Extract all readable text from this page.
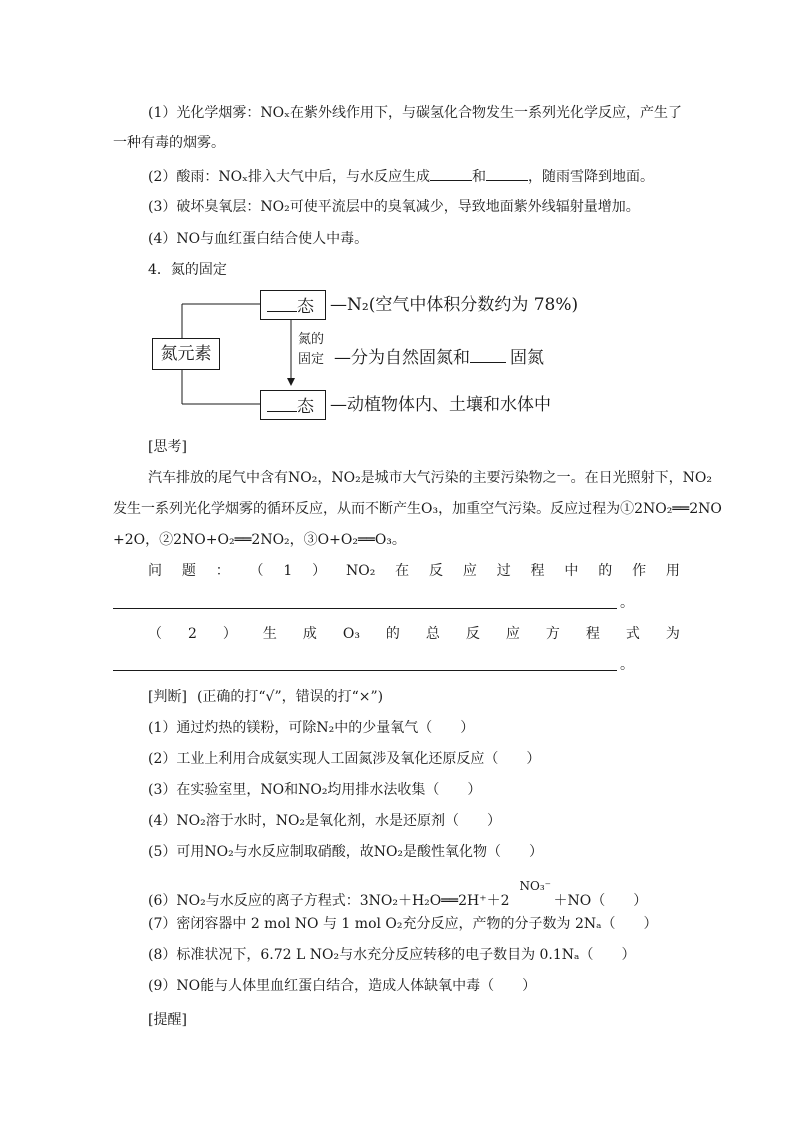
(1）光化学烟雾：NOₓ在紫外线作用下，与碳氢化合物发生一系列光化学反应，产生了
一种有毒的烟雾。
(2）酸雨：NOₓ排入大气中后，与水反应生成	和	，随雨雪降到地面。
(3）破坏臭氧层：NO₂可使平流层中的臭氧减少，导致地面紫外线辐射量增加。
(4）NO与血红蛋白结合使人中毒。
4．氮的固定
态 —N₂(空气中体积分数约为 78%)
氮元素
氮的
固定 —分为自然固氮和 固氮
态 —动植物体内、土壤和水体中
[思考]
汽车排放的尾气中含有NO₂，NO₂是城市大气污染的主要污染物之一。在日光照射下，NO₂
发生一系列光化学烟雾的循环反应，从而不断产生O₃，加重空气污染。反应过程为①2NO₂══2NO
+2O，②2NO+O₂══2NO₂，③O+O₂══O₃。
问 题 ： （ 1 ） NO₂ 在 反 应 过 程 中 的 作 用
。
（ 2 ） 生 成 O₃ 的 总 反 应 方 程 式 为
。
[判断] (正确的打“√”，错误的打“×”)
(1）通过灼热的镁粉，可除N₂中的少量氧气（　　）
(2）工业上利用合成氨实现人工固氮涉及氧化还原反应（　　）
(3）在实验室里，NO和NO₂均用排水法收集（　　）
(4）NO₂溶于水时，NO₂是氧化剂，水是还原剂（　　）
(5）可用NO₂与水反应制取硝酸，故NO₂是酸性氧化物（　　）
(6）NO₂与水反应的离子方程式：3NO₂＋H₂O══2H⁺＋2
NO₃⁻
＋NO（　　）
(7）密闭容器中 2 mol NO 与 1 mol O₂充分反应，产物的分子数为 2Nₐ（　　）
(8）标准状况下，6.72 L NO₂与水充分反应转移的电子数目为 0.1Nₐ（　　）
(9）NO能与人体里血红蛋白结合，造成人体缺氧中毒（　　）
[提醒]
